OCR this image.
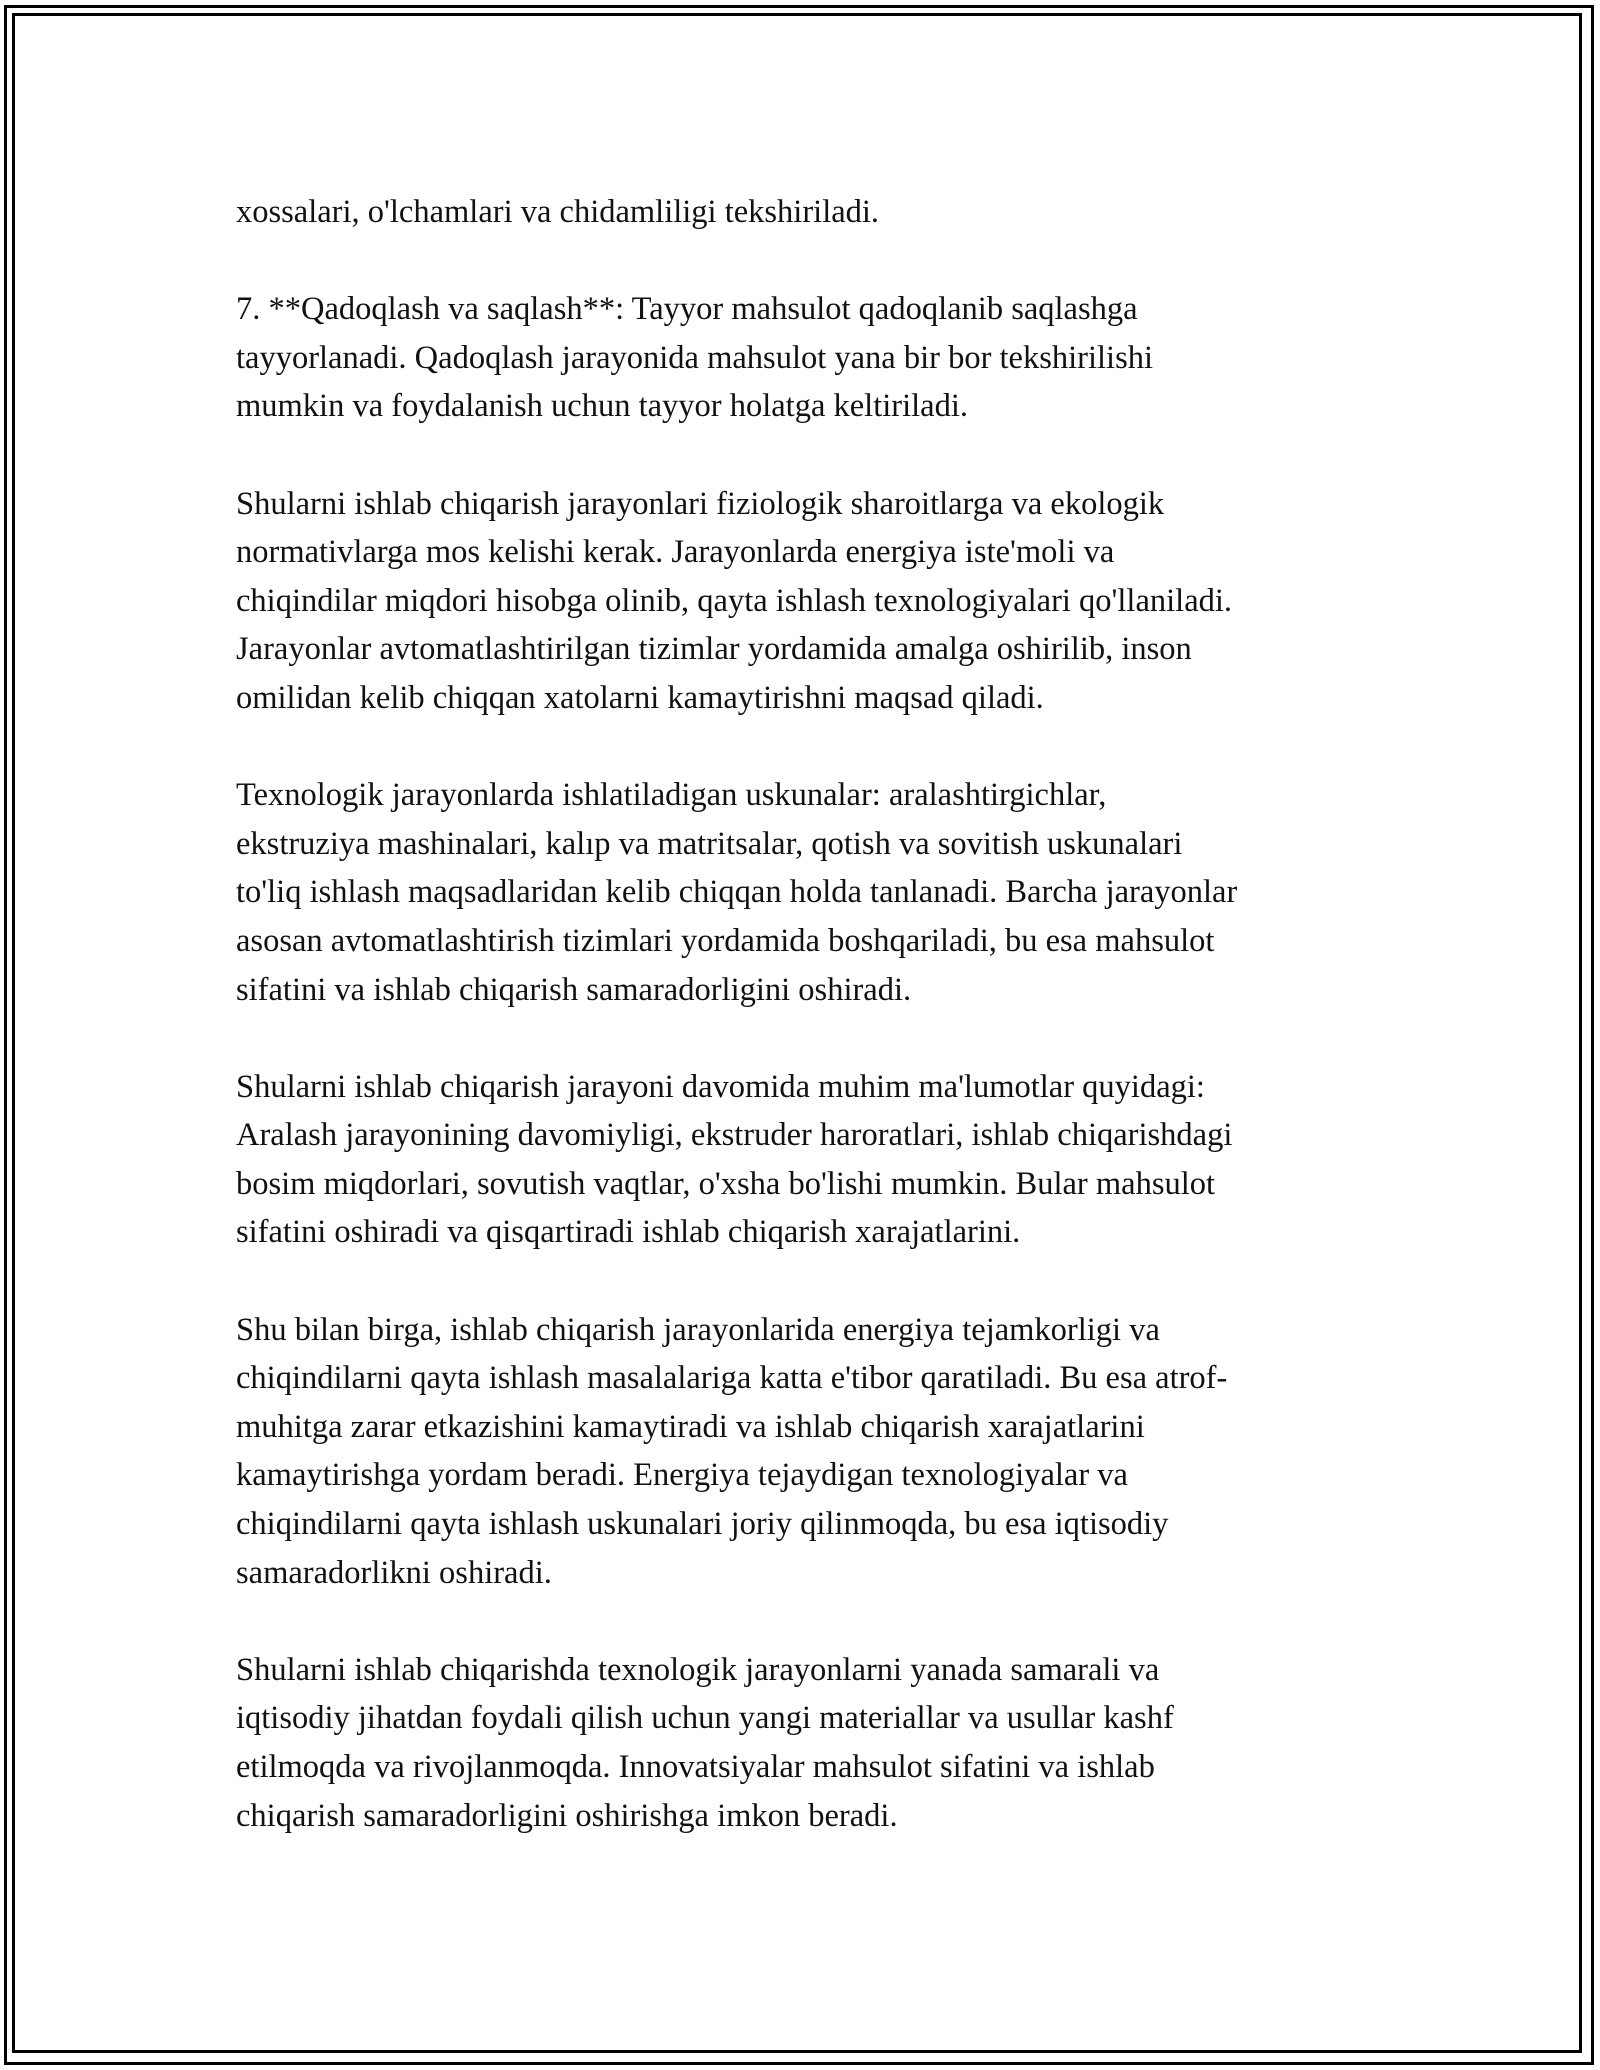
xossalari, o'lchamlari va chidamliligi tekshiriladi.

7. **Qadoqlash va saqlash**: Tayyor mahsulot qadoqlanib saqlashga
tayyorlanadi. Qadoqlash jarayonida mahsulot yana bir bor tekshirilishi
mumkin va foydalanish uchun tayyor holatga keltiriladi.

Shularni ishlab chiqarish jarayonlari fiziologik sharoitlarga va ekologik
normativlarga mos kelishi kerak. Jarayonlarda energiya iste'moli va
chiqindilar miqdori hisobga olinib, qayta ishlash texnologiyalari qo'llaniladi.
Jarayonlar avtomatlashtirilgan tizimlar yordamida amalga oshirilib, inson
omilidan kelib chiqqan xatolarni kamaytirishni maqsad qiladi.

Texnologik jarayonlarda ishlatiladigan uskunalar: aralashtirgichlar,
ekstruziya mashinalari, kalıp va matritsalar, qotish va sovitish uskunalari
to'liq ishlash maqsadlaridan kelib chiqqan holda tanlanadi. Barcha jarayonlar
asosan avtomatlashtirish tizimlari yordamida boshqariladi, bu esa mahsulot
sifatini va ishlab chiqarish samaradorligini oshiradi.

Shularni ishlab chiqarish jarayoni davomida muhim ma'lumotlar quyidagi:
Aralash jarayonining davomiyligi, ekstruder haroratlari, ishlab chiqarishdagi
bosim miqdorlari, sovutish vaqtlar, o'xsha bo'lishi mumkin. Bular mahsulot
sifatini oshiradi va qisqartiradi ishlab chiqarish xarajatlarini.

Shu bilan birga, ishlab chiqarish jarayonlarida energiya tejamkorligi va
chiqindilarni qayta ishlash masalalariga katta e'tibor qaratiladi. Bu esa atrof-
muhitga zarar etkazishini kamaytiradi va ishlab chiqarish xarajatlarini
kamaytirishga yordam beradi. Energiya tejaydigan texnologiyalar va
chiqindilarni qayta ishlash uskunalari joriy qilinmoqda, bu esa iqtisodiy
samaradorlikni oshiradi.

Shularni ishlab chiqarishda texnologik jarayonlarni yanada samarali va
iqtisodiy jihatdan foydali qilish uchun yangi materiallar va usullar kashf
etilmoqda va rivojlanmoqda. Innovatsiyalar mahsulot sifatini va ishlab
chiqarish samaradorligini oshirishga imkon beradi.
